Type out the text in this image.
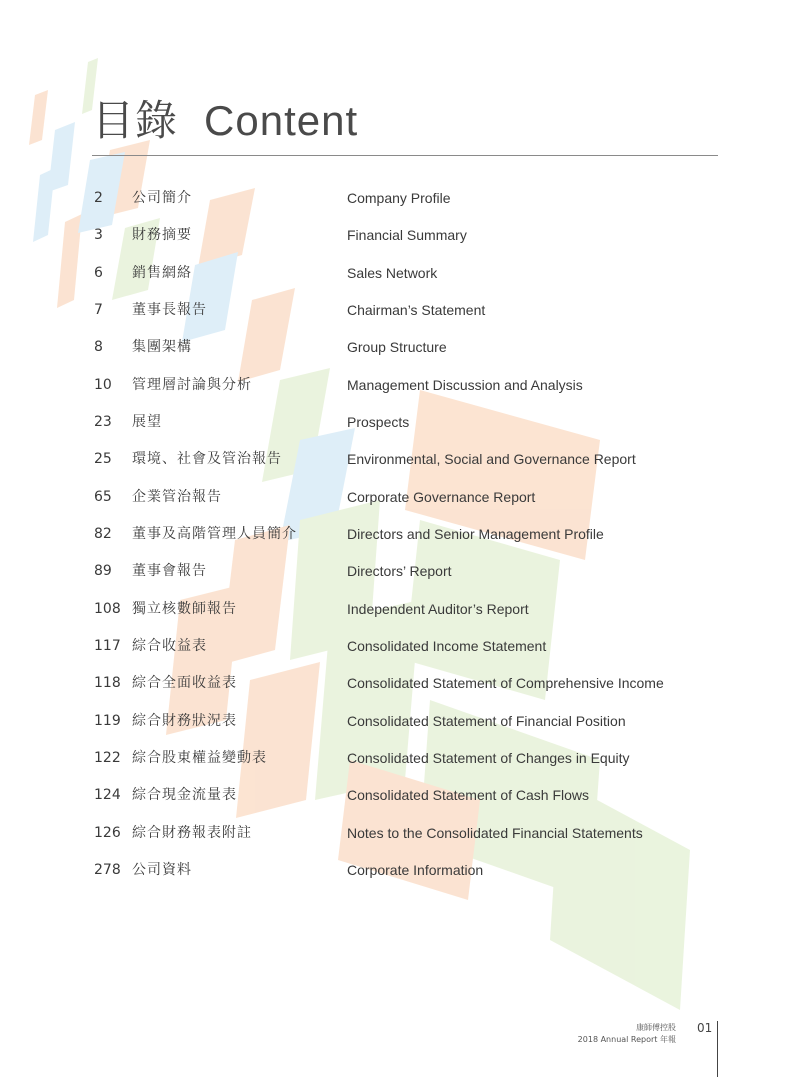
目錄 Content
2 公司簡介	Company Profile
3 財務摘要	Financial Summary
6 銷售網絡	Sales Network
7 董事長報告	Chairman’s Statement
8 集團架構	Group Structure
10 管理層討論與分析	Management Discussion and Analysis
23 展望	Prospects
25 環境、社會及管治報告	Environmental, Social and Governance Report
65 企業管治報告	Corporate Governance Report
82 董事及高階管理人員簡介	Directors and Senior Management Profile
89 董事會報告	Directors’ Report
108 獨立核數師報告	Independent Auditor’s Report
117 綜合收益表	Consolidated Income Statement
118 綜合全面收益表	Consolidated Statement of Comprehensive Income
119 綜合財務狀況表	Consolidated Statement of Financial Position
122 綜合股東權益變動表	Consolidated Statement of Changes in Equity
124 綜合現金流量表	Consolidated Statement of Cash Flows
126 綜合財務報表附註	Notes to the Consolidated Financial Statements
278 公司資料	Corporate Information
康師傅控股
2018 Annual Report 年報
01
